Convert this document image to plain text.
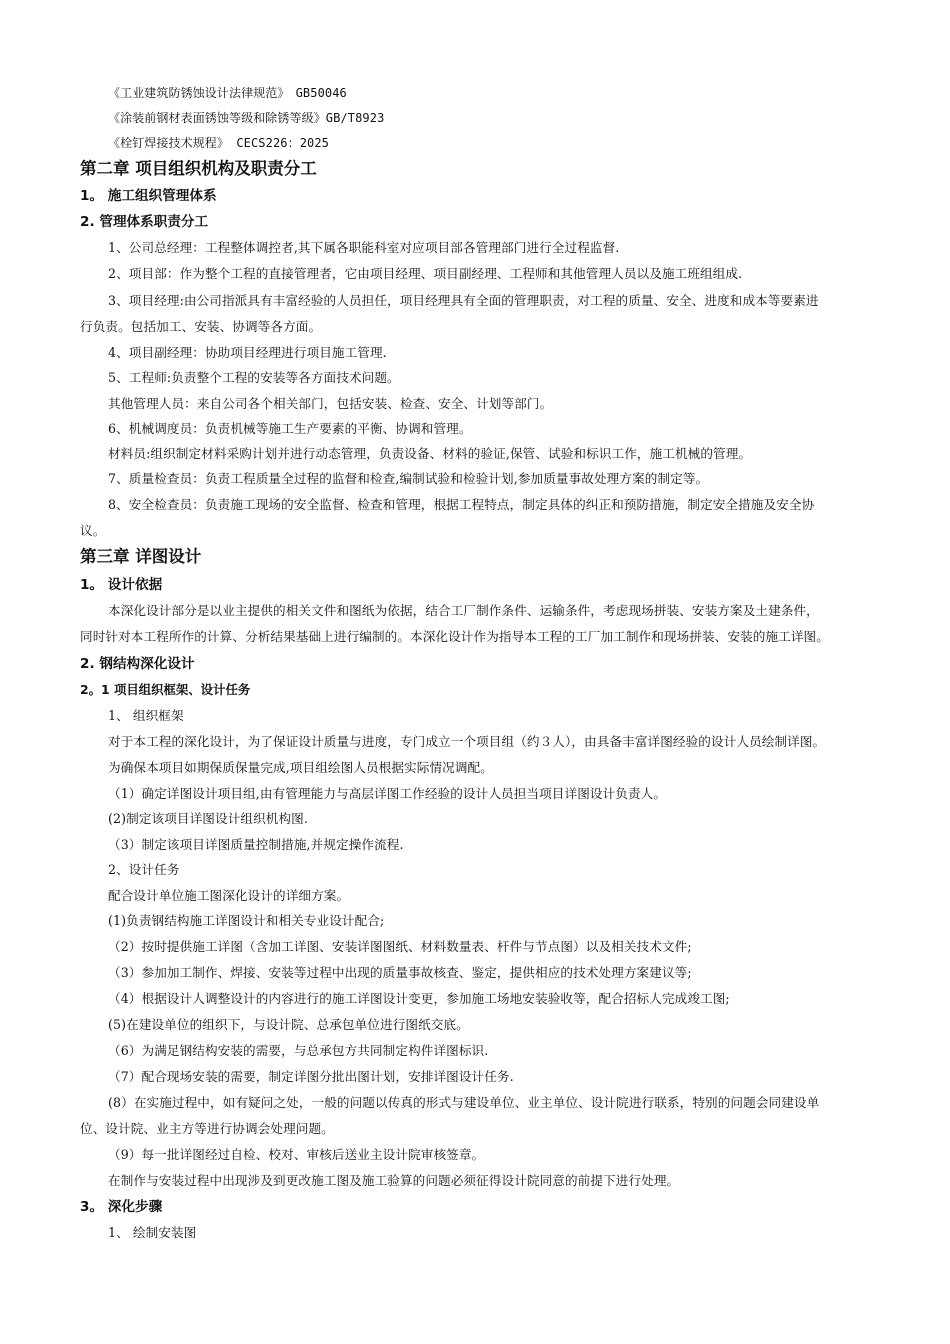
《工业建筑防锈蚀设计法律规范》　GB50046
《涂装前钢材表面锈蚀等级和除锈等级》GB/T8923
《栓钉焊接技术规程》 CECS226：2025
第二章 项目组织机构及职责分工
1。 施工组织管理体系
2. 管理体系职责分工
1、公司总经理：工程整体调控者,其下属各职能科室对应项目部各管理部门进行全过程监督.
2、项目部：作为整个工程的直接管理者，它由项目经理、项目副经理、工程师和其他管理人员以及施工班组组成.
3、项目经理:由公司指派具有丰富经验的人员担任，项目经理具有全面的管理职责，对工程的质量、安全、进度和成本等要素进
行负责。包括加工、安装、协调等各方面。
4、项目副经理：协助项目经理进行项目施工管理.
5、工程师:负责整个工程的安装等各方面技术问题。
其他管理人员：来自公司各个相关部门，包括安装、检查、安全、计划等部门。
6、机械调度员：负责机械等施工生产要素的平衡、协调和管理。
材料员:组织制定材料采购计划并进行动态管理，负责设备、材料的验证,保管、试验和标识工作，施工机械的管理。
7、质量检查员：负责工程质量全过程的监督和检查,编制试验和检验计划,参加质量事故处理方案的制定等。
8、安全检查员：负责施工现场的安全监督、检查和管理，根据工程特点，制定具体的纠正和预防措施，制定安全措施及安全协
议。
第三章 详图设计
1。 设计依据
本深化设计部分是以业主提供的相关文件和图纸为依据，结合工厂制作条件、运输条件，考虑现场拼装、安装方案及土建条件，
同时针对本工程所作的计算、分析结果基础上进行编制的。本深化设计作为指导本工程的工厂加工制作和现场拼装、安装的施工详图。
2. 钢结构深化设计
2。1 项目组织框架、设计任务
1、 组织框架
对于本工程的深化设计，为了保证设计质量与进度，专门成立一个项目组（约３人），由具备丰富详图经验的设计人员绘制详图。
为确保本项目如期保质保量完成,项目组绘图人员根据实际情况调配。
（1）确定详图设计项目组,由有管理能力与高层详图工作经验的设计人员担当项目详图设计负责人。
(2)制定该项目详图设计组织机构图.
（3）制定该项目详图质量控制措施,并规定操作流程.
2、设计任务
配合设计单位施工图深化设计的详细方案。
(1)负责钢结构施工详图设计和相关专业设计配合;
（2）按时提供施工详图（含加工详图、安装详图图纸、材料数量表、杆件与节点图）以及相关技术文件;
（3）参加加工制作、焊接、安装等过程中出现的质量事故核查、鉴定，提供相应的技术处理方案建议等;
（4）根据设计人调整设计的内容进行的施工详图设计变更，参加施工场地安装验收等，配合招标人完成竣工图;
(5)在建设单位的组织下，与设计院、总承包单位进行图纸交底。
（6）为满足钢结构安装的需要，与总承包方共同制定构件详图标识.
（7）配合现场安装的需要，制定详图分批出图计划，安排详图设计任务.
(8）在实施过程中，如有疑问之处，一般的问题以传真的形式与建设单位、业主单位、设计院进行联系，特别的问题会同建设单
位、设计院、业主方等进行协调会处理问题。
（9）每一批详图经过自检、校对、审核后送业主设计院审核签章。
在制作与安装过程中出现涉及到更改施工图及施工验算的问题必须征得设计院同意的前提下进行处理。
3。 深化步骤
1、 绘制安装图
